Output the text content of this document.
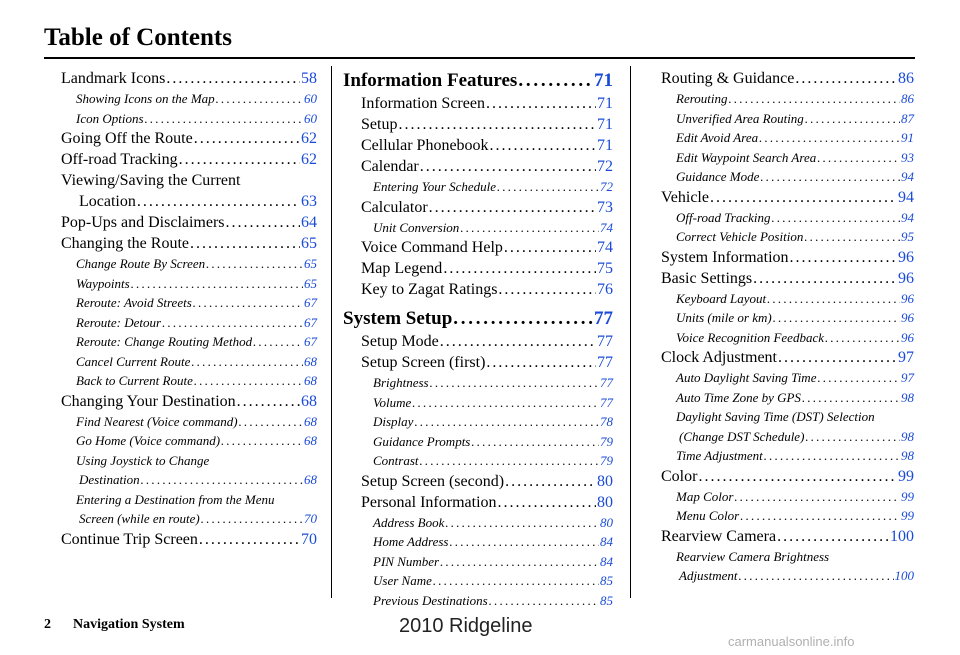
Table of Contents
Landmark Icons . . .	58
Showing Icons on the Map . . .	60
Icon Options . . .	60
Going Off the Route . . .	62
Off-road Tracking . . .	62
Viewing/Saving the Current
Location . . .	63
Pop-Ups and Disclaimers . . .	64
Changing the Route . . .	65
Change Route By Screen . . .	65
Waypoints . . .	65
Reroute: Avoid Streets . . .	67
Reroute: Detour . . .	67
Reroute: Change Routing Method . . .	67
Cancel Current Route . . .	68
Back to Current Route . . .	68
Changing Your Destination . . .	68
Find Nearest (Voice command) . . .	68
Go Home (Voice command) . . .	68
Using Joystick to Change
Destination . . .	68
Entering a Destination from the Menu
Screen (while en route) . . .	70
Continue Trip Screen . . .	70
Information Features . . .	71
Information Screen . . .	71
Setup . . .	71
Cellular Phonebook . . .	71
Calendar . . .	72
Entering Your Schedule . . .	72
Calculator . . .	73
Unit Conversion . . .	74
Voice Command Help . . .	74
Map Legend . . .	75
Key to Zagat Ratings . . .	76
System Setup . . .	77
Setup Mode . . .	77
Setup Screen (first) . . .	77
Brightness . . .	77
Volume . . .	77
Display . . .	78
Guidance Prompts . . .	79
Contrast . . .	79
Setup Screen (second) . . .	80
Personal Information . . .	80
Address Book . . .	80
Home Address . . .	84
PIN Number . . .	84
User Name . . .	85
Previous Destinations . . .	85
Routing & Guidance . . .	86
Rerouting . . .	86
Unverified Area Routing . . .	87
Edit Avoid Area . . .	91
Edit Waypoint Search Area . . .	93
Guidance Mode . . .	94
Vehicle . . .	94
Off-road Tracking . . .	94
Correct Vehicle Position . . .	95
System Information . . .	96
Basic Settings . . .	96
Keyboard Layout . . .	96
Units (mile or km) . . .	96
Voice Recognition Feedback . . .	96
Clock Adjustment . . .	97
Auto Daylight Saving Time . . .	97
Auto Time Zone by GPS . . .	98
Daylight Saving Time (DST) Selection
(Change DST Schedule) . . .	98
Time Adjustment . . .	98
Color . . .	99
Map Color . . .	99
Menu Color . . .	99
Rearview Camera . . .	100
Rearview Camera Brightness
Adjustment . . .	100
2 Navigation System	2010 Ridgeline
carmanualsonline.info
